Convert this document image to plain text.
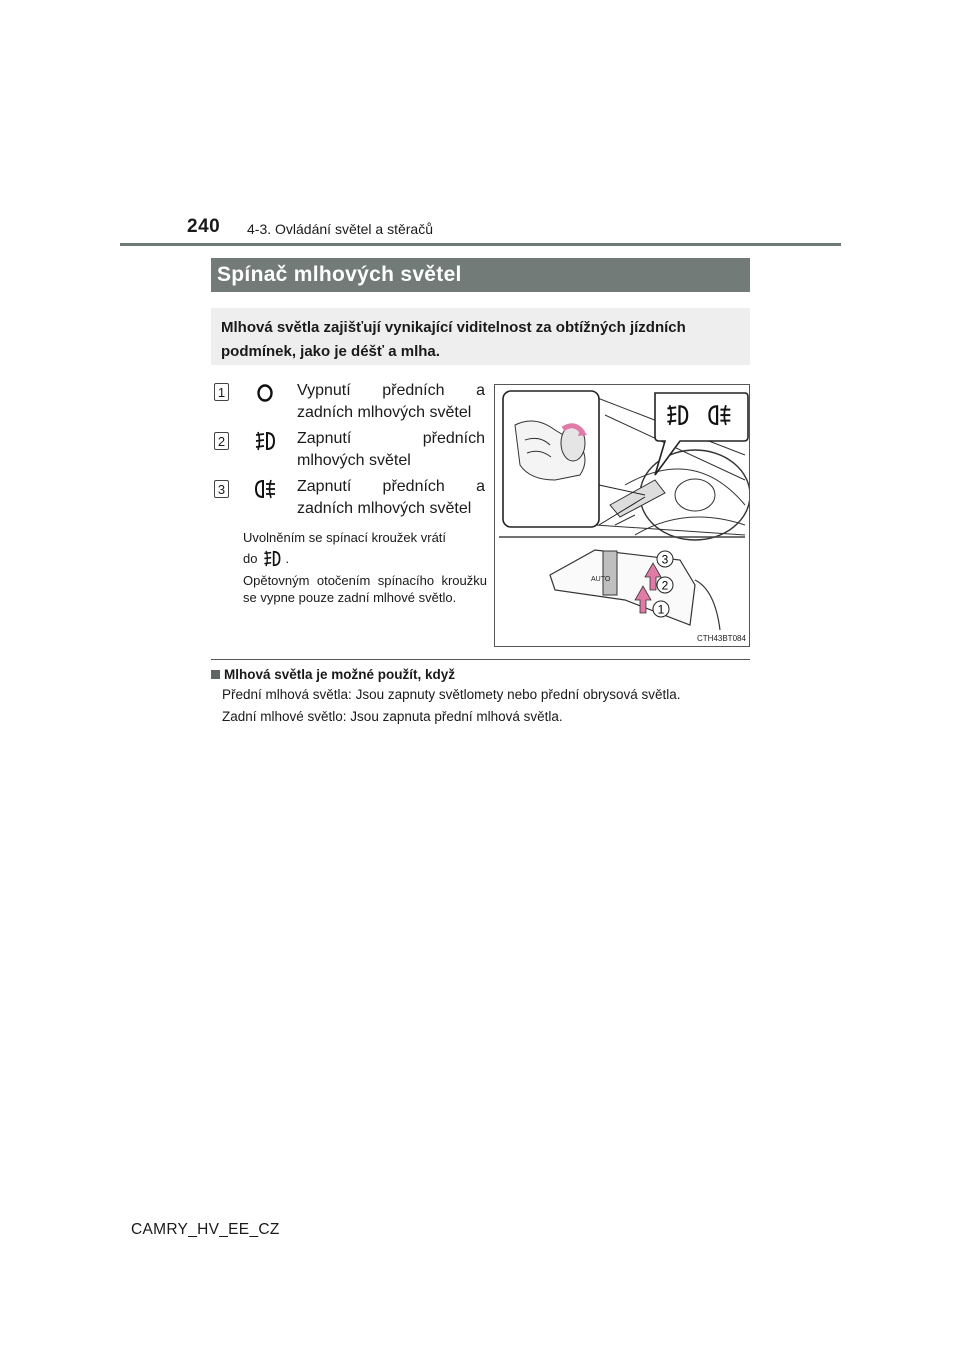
240 4-3. Ovládání světel a stěračů
Spínač mlhových světel
Mlhová světla zajišťují vynikající viditelnost za obtížných jízdních podmínek, jako je déšť a mlha.
1	Vypnutí předních a zadních mlhových světel
2	Zapnutí předních mlhových světel
3	Zapnutí předních a zadních mlhových světel
Uvolněním se spínací kroužek vrátí
do .
Opětovným otočením spínacího kroužku se vypne pouze zadní mlhové světlo.
AUTO
3
2
1
CTH43BT084
Mlhová světla je možné použít, když
Přední mlhová světla: Jsou zapnuty světlomety nebo přední obrysová světla.
Zadní mlhové světlo: Jsou zapnuta přední mlhová světla.
CAMRY_HV_EE_CZ
